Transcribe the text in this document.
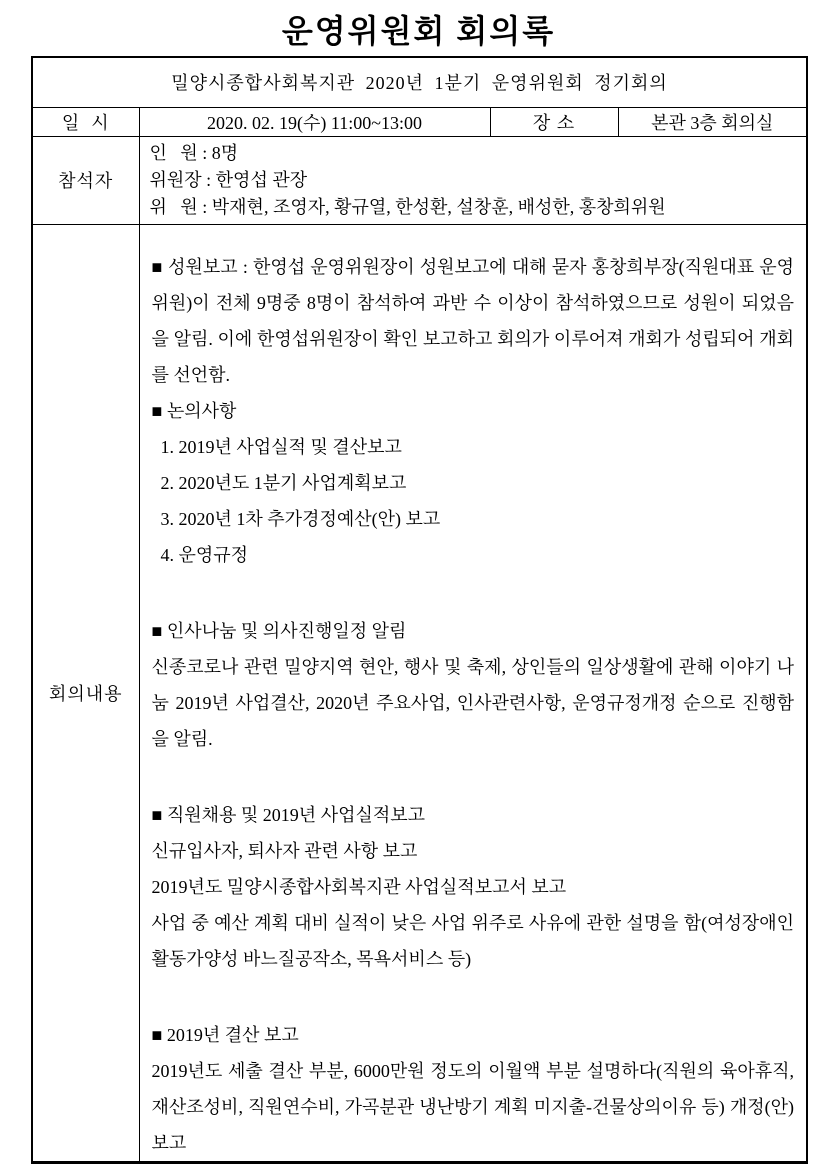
운영위원회 회의록
밀양시종합사회복지관 2020년 1분기 운영위원회 정기회의			
일  시	2020. 02. 19(수) 11:00~13:00	장 소	본관 3층 회의실
참석자	인   원 : 8명
위원장 : 한영섭 관장
위   원 : 박재현, 조영자, 황규열, 한성환, 설창훈, 배성한, 홍창희위원		

회의내용	
■ 성원보고 : 한영섭 운영위원장이 성원보고에 대해 묻자 홍창희부장(직원대표 운영위원)이 전체 9명중 8명이 참석하여 과반 수 이상이 참석하였으므로 성원이 되었음을 알림. 이에 한영섭위원장이 확인 보고하고 회의가 이루어져 개회가 성립되어 개회를 선언함.
■ 논의사항
1. 2019년 사업실적 및 결산보고
2. 2020년도 1분기 사업계획보고
3. 2020년 1차 추가경정예산(안) 보고
4. 운영규정
■ 인사나눔 및 의사진행일정 알림
신종코로나 관련 밀양지역 현안, 행사 및 축제, 상인들의 일상생활에 관해 이야기 나눔 2019년 사업결산, 2020년 주요사업, 인사관련사항, 운영규정개정 순으로 진행함을 알림.
■ 직원채용 및 2019년 사업실적보고
신규입사자, 퇴사자 관련 사항 보고
2019년도 밀양시종합사회복지관 사업실적보고서 보고
사업 중 예산 계획 대비 실적이 낮은 사업 위주로 사유에 관한 설명을 함(여성장애인활동가양성 바느질공작소, 목욕서비스 등)
■ 2019년 결산 보고
2019년도 세출 결산 부분, 6000만원 정도의 이월액 부분 설명하다(직원의 육아휴직, 재산조성비, 직원연수비, 가곡분관 냉난방기 계획 미지출-건물상의이유 등) 개정(안) 보고
